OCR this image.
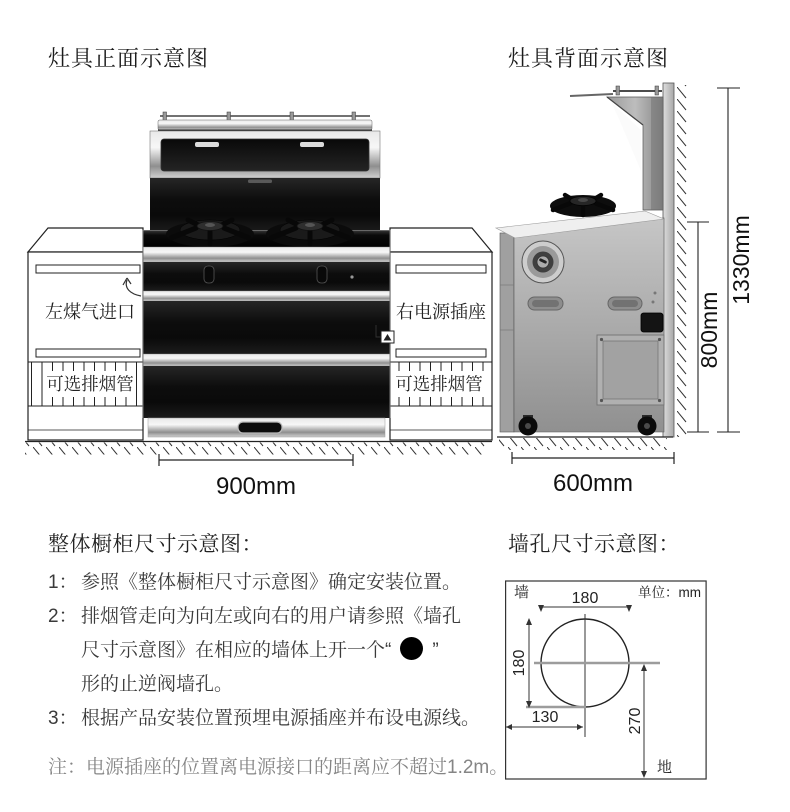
灶具正面示意图	灶具背面示意图
左煤气进口
可选排烟管
右电源插座
可选排烟管
900mm	600mm
800mm
1330mm
整体橱柜尺寸示意图：
1： 参照《整体橱柜尺寸示意图》确定安装位置。
2： 排烟管走向为向左或向右的用户请参照《墙孔
尺寸示意图》在相应的墙体上开一个“ ”
形的止逆阀墙孔。
3： 根据产品安装位置预埋电源插座并布设电源线。
注：电源插座的位置离电源接口的距离应不超过1.2m。
墙孔尺寸示意图：
墙	单位：mm
180
180
130	270
地
